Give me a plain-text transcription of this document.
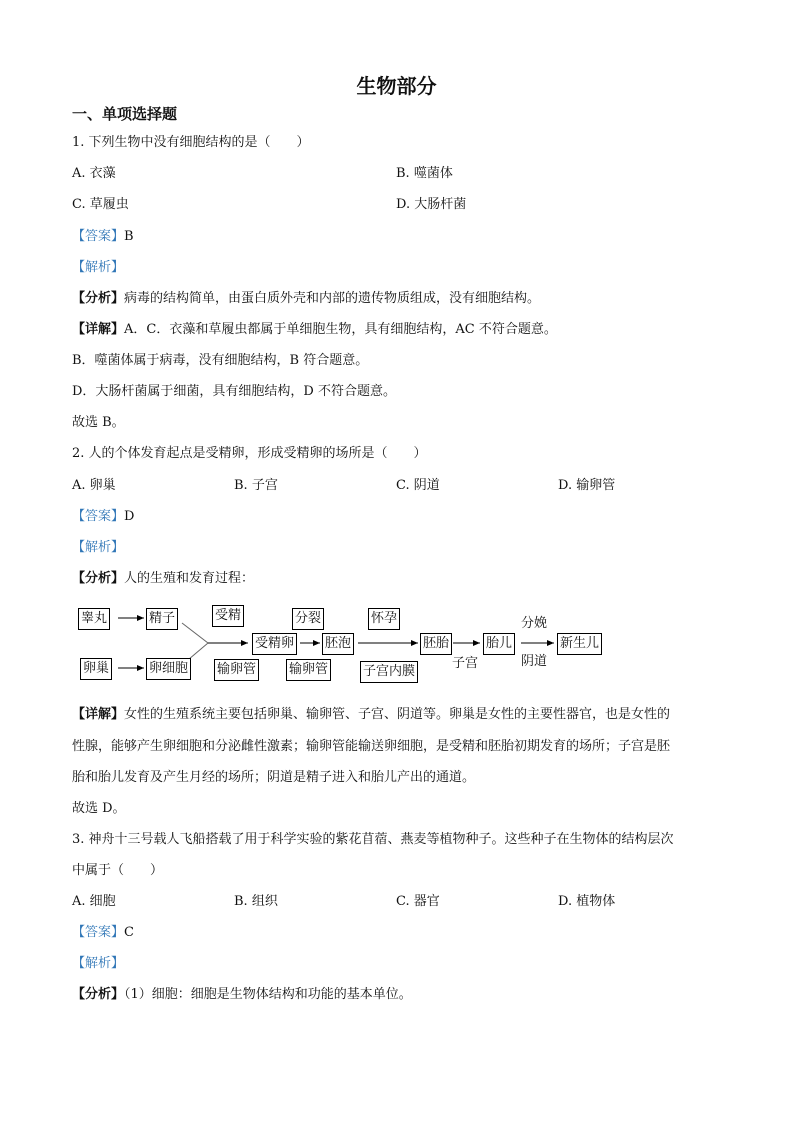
生物部分
一、单项选择题
1. 下列生物中没有细胞结构的是（　　）
A. 衣藻	B. 噬菌体
C. 草履虫	D. 大肠杆菌
【答案】B
【解析】
【分析】病毒的结构简单，由蛋白质外壳和内部的遗传物质组成，没有细胞结构。
【详解】A．C．衣藻和草履虫都属于单细胞生物，具有细胞结构，AC 不符合题意。
B．噬菌体属于病毒，没有细胞结构，B 符合题意。
D．大肠杆菌属于细菌，具有细胞结构，D 不符合题意。
故选 B。
2. 人的个体发育起点是受精卵，形成受精卵的场所是（　　）
A. 卵巢	B. 子宫	C. 阴道	D. 输卵管
【答案】D
【解析】
【分析】人的生殖和发育过程：
睾丸	精子
卵巢	卵细胞
受精
受精卵
输卵管
分裂
胚泡
输卵管
怀孕
子宫内膜
胚胎	胎儿	新生儿
子宫
分娩
阴道
【详解】女性的生殖系统主要包括卵巢、输卵管、子宫、阴道等。卵巢是女性的主要性器官，也是女性的
性腺，能够产生卵细胞和分泌雌性激素；输卵管能输送卵细胞，是受精和胚胎初期发育的场所；子宫是胚
胎和胎儿发育及产生月经的场所；阴道是精子进入和胎儿产出的通道。
故选 D。
3. 神舟十三号载人飞船搭载了用于科学实验的紫花苜蓿、燕麦等植物种子。这些种子在生物体的结构层次
中属于（　　）
A. 细胞	B. 组织	C. 器官	D. 植物体
【答案】C
【解析】
【分析】（1）细胞：细胞是生物体结构和功能的基本单位。
